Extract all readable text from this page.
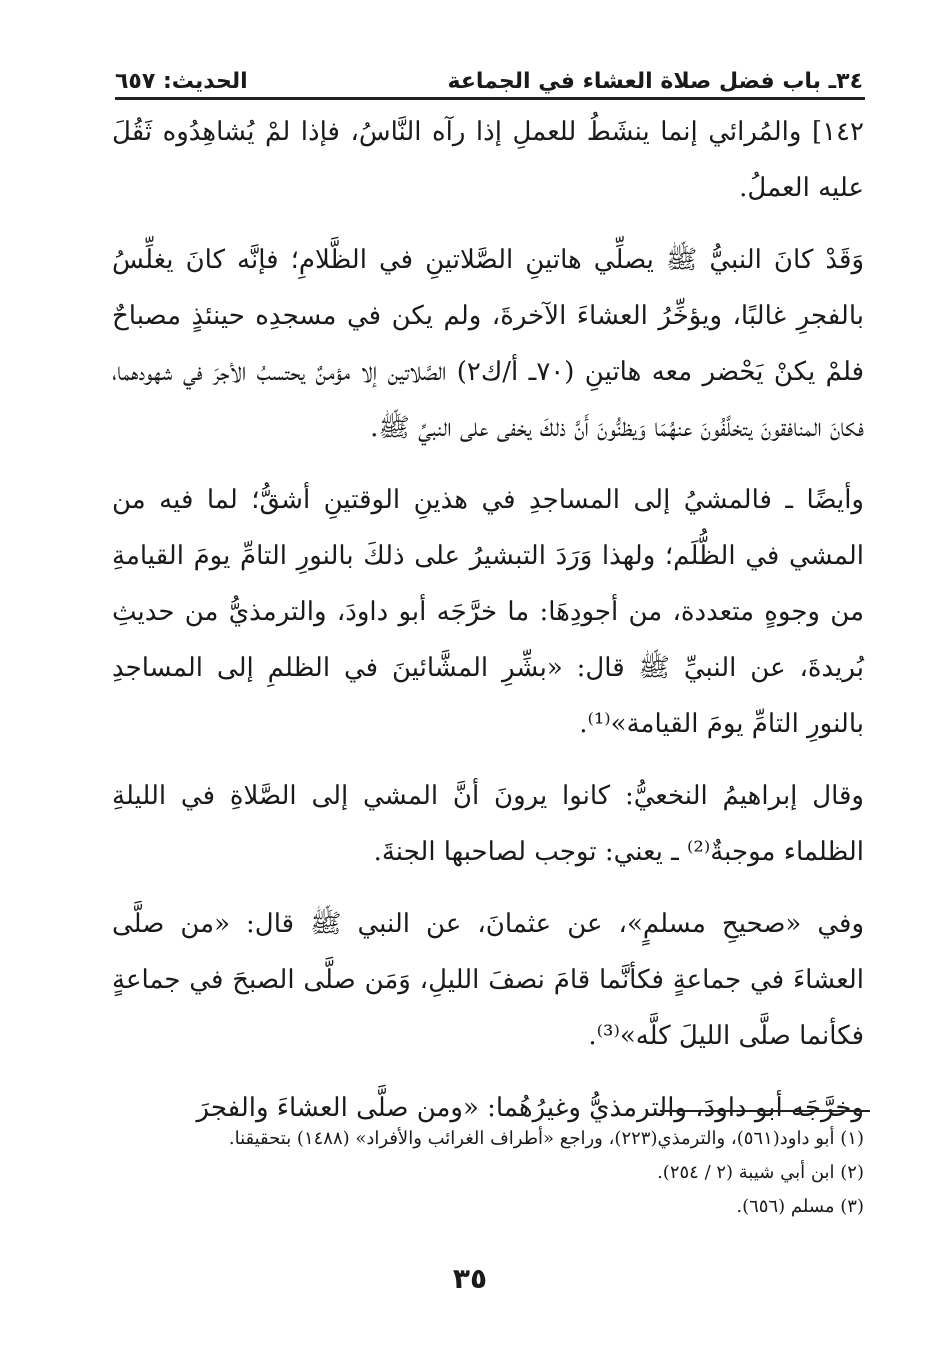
٣٤ـ باب فضل صلاة العشاء في الجماعة
الحديث: ٦٥٧

١٤٢] والمُرائي إنما ينشَطُ للعملِ إذا رآه النَّاسُ، فإذا لمْ يُشاهِدُوه ثَقُلَ عليه العملُ.

وَقَدْ كانَ النبيُّ ﷺ يصلِّي هاتينِ الصَّلاتينِ في الظَّلامِ؛ فإنَّه كانَ يغلِّسُ بالفجرِ غالبًا، ويؤخِّرُ العشاءَ الآخرةَ، ولم يكن في مسجدِه حينئذٍ مصباحٌ فلمْ يكنْ يَحْضر معه هاتينِ (٧٠ـ أ/ك٢) الصَّلاتين إلا مؤمنٌ يحتسبُ الأجرَ في شهودهما، فكانَ المنافقونَ يتخلَّفُونَ عنهُمَا وَيظنُّونَ أَنَّ ذلكَ يخفى على النبيِّ ﷺ.

وأيضًا ـ فالمشيُ إلى المساجدِ في هذينِ الوقتينِ أشقُّ؛ لما فيه من المشي في الظُّلَم؛ ولهذا وَرَدَ التبشيرُ على ذلكَ بالنورِ التامِّ يومَ القيامةِ من وجوهٍ متعددة، من أجودِهَا: ما خرَّجَه أبو داودَ، والترمذيُّ من حديثِ بُريدةَ، عن النبيِّ ﷺ قال: «بشِّرِ المشَّائينَ في الظلمِ إلى المساجدِ بالنورِ التامِّ يومَ القيامة»⁽¹⁾.

وقال إبراهيمُ النخعيُّ: كانوا يرونَ أنَّ المشي إلى الصَّلاةِ في الليلةِ الظلماء موجبةٌ⁽²⁾ ـ يعني: توجب لصاحبها الجنةَ.

وفي «صحيحِ مسلمٍ»، عن عثمانَ، عن النبي ﷺ قال: «من صلَّى العشاءَ في جماعةٍ فكأنَّما قامَ نصفَ الليلِ، وَمَن صلَّى الصبحَ في جماعةٍ فكأنما صلَّى الليلَ كلَّه»⁽³⁾.

وخرَّجَه أبو داودَ، والترمذيُّ وغيرُهُما: «ومن صلَّى العشاءَ والفجرَ

(١) أبو داود(٥٦١)، والترمذي(٢٢٣)، وراجع «أطراف الغرائب والأفراد» (١٤٨٨) بتحقيقنا.

(٢) ابن أبي شيبة (٢ / ٢٥٤).

(٣) مسلم (٦٥٦).

٣٥
